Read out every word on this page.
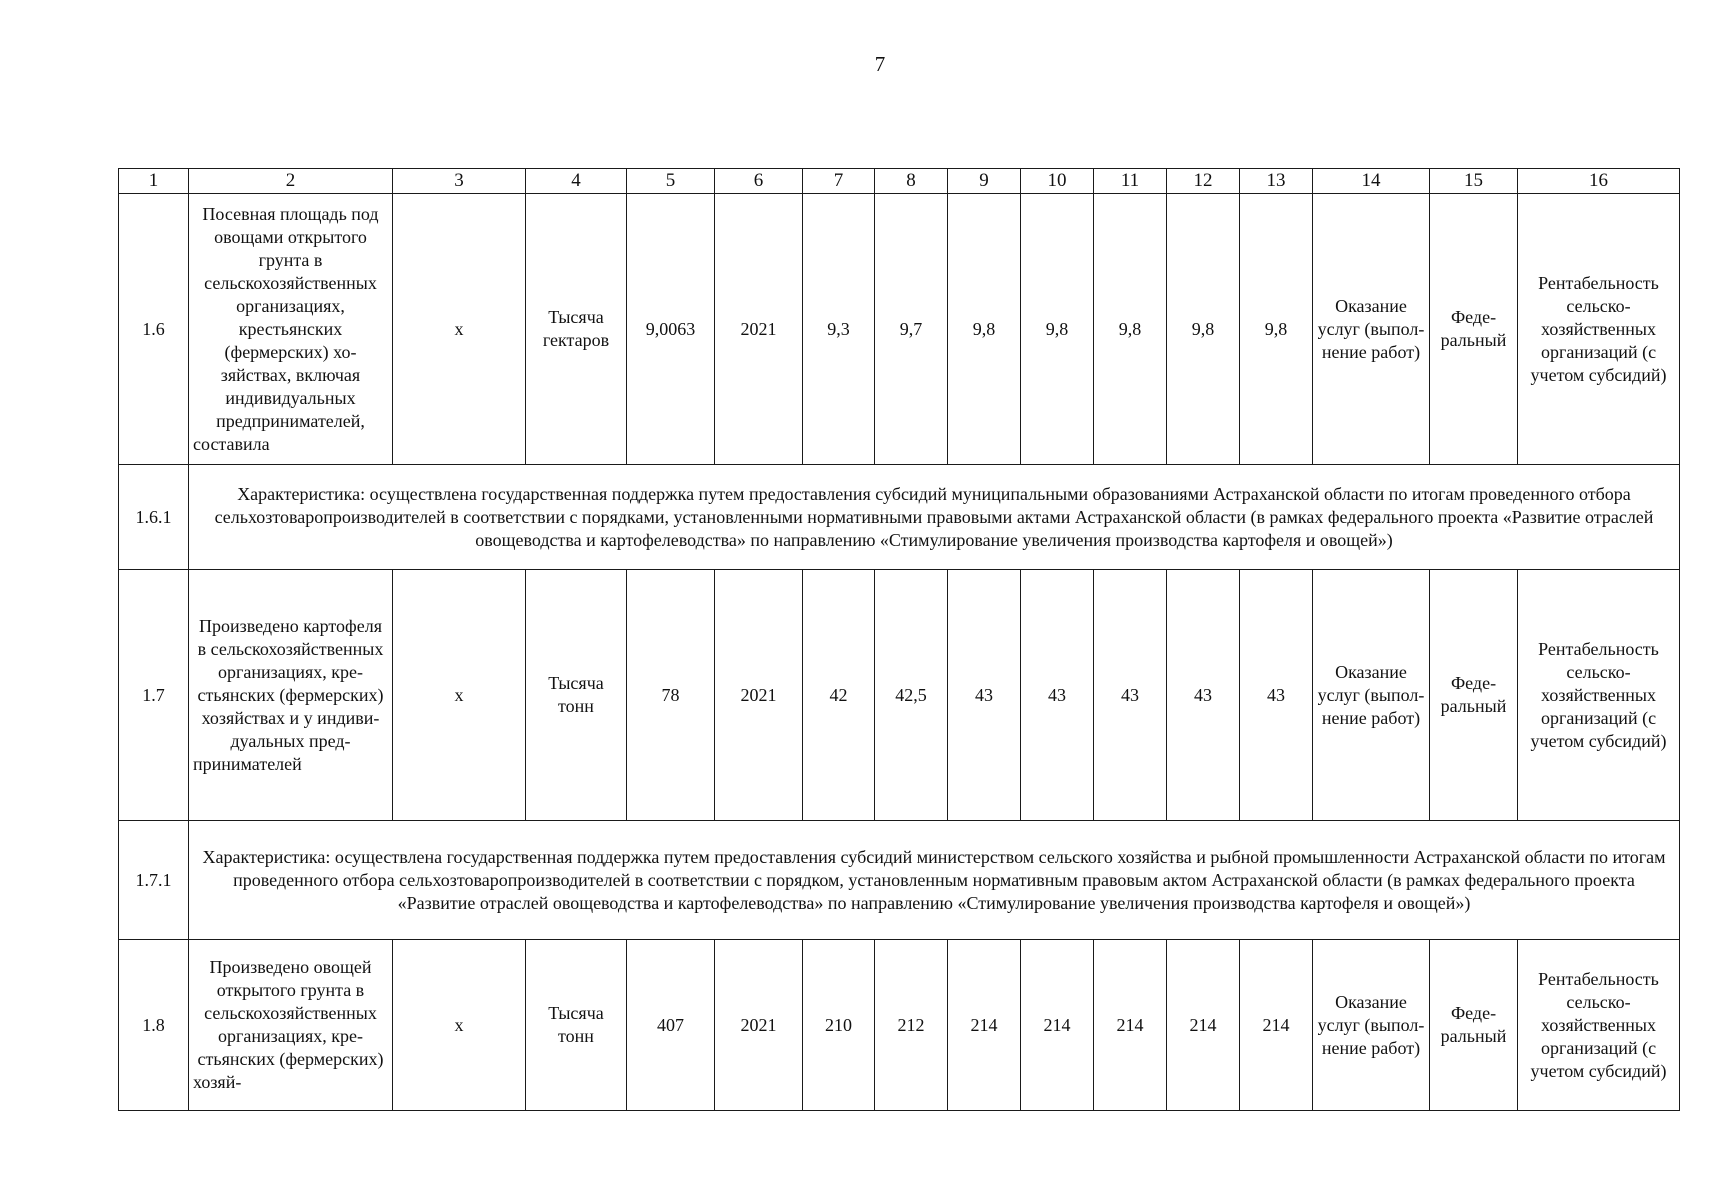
7
1	2	3	4	5	6	7	8	9	10	11	12	13	14	15	16
1.6	Посевная площадь под овощами открытого грунта в сельскохозяйственных организациях, крестьянских (фермерских) хозяйствах, включая индивидуальных предпринимателей, составила	х	Тысяча гектаров	9,0063	2021	9,3	9,7	9,8	9,8	9,8	9,8	9,8	Оказание услуг (выполнение работ)	Федеральный	Рентабельность сельскохозяйственных организаций (с учетом субсидий)
1.6.1	Характеристика: осуществлена государственная поддержка путем предоставления субсидий муниципальными образованиями Астраханской области по итогам проведенного отбора сельхозтоваропроизводителей в соответствии с порядками, установленными нормативными правовыми актами Астраханской области (в рамках федерального проекта «Развитие отраслей овощеводства и картофелеводства» по направлению «Стимулирование увеличения производства картофеля и овощей»)														
1.7	Произведено картофеля в сельскохозяйственных организациях, крестьянских (фермерских) хозяйствах и у индивидуальных предпринимателей	х	Тысяча тонн	78	2021	42	42,5	43	43	43	43	43	Оказание услуг (выполнение работ)	Федеральный	Рентабельность сельскохозяйственных организаций (с учетом субсидий)
1.7.1	Характеристика: осуществлена государственная поддержка путем предоставления субсидий министерством сельского хозяйства и рыбной промышленности Астраханской области по итогам проведенного отбора сельхозтоваропроизводителей в соответствии с порядком, установленным нормативным правовым актом Астраханской области (в рамках федерального проекта «Развитие отраслей овощеводства и картофелеводства» по направлению «Стимулирование увеличения производства картофеля и овощей»)														
1.8	Произведено овощей открытого грунта в сельскохозяйственных организациях, крестьянских (фермерских) хозяй-	х	Тысяча тонн	407	2021	210	212	214	214	214	214	214	Оказание услуг (выполнение работ)	Федеральный	Рентабельность сельскохозяйственных организаций (с учетом субсидий)
